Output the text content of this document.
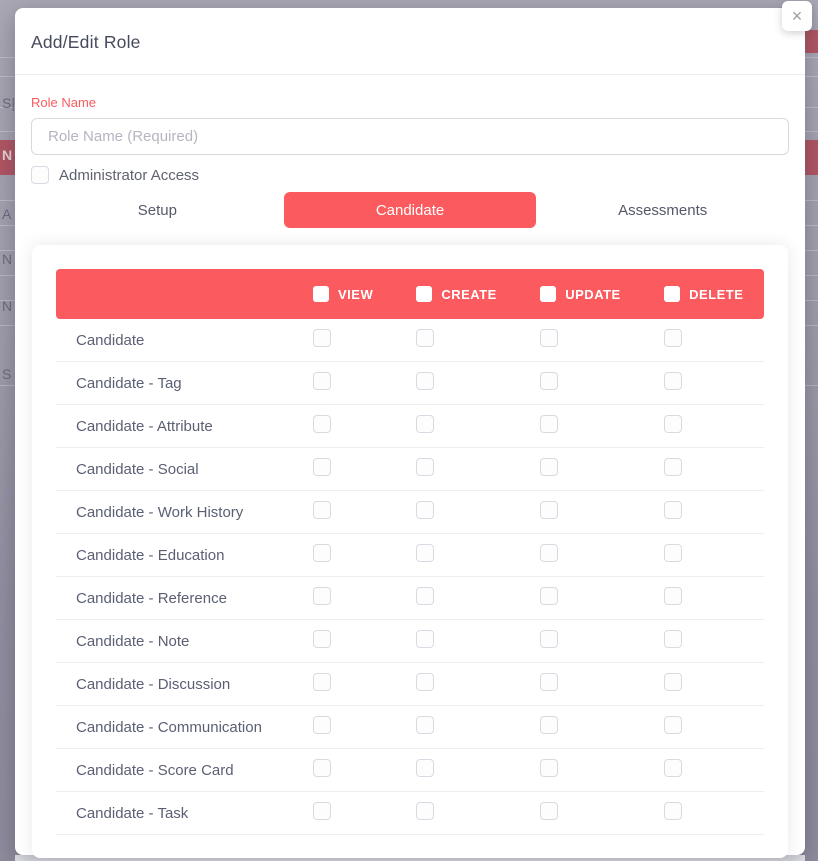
S|
N
A
N
N
S
×
Add/Edit Role
Role Name
Role Name (Required)
Administrator Access
Setup	Candidate	Assessments
VIEW	CREATE	UPDATE	DELETE
Candidate
Candidate - Tag
Candidate - Attribute
Candidate - Social
Candidate - Work History
Candidate - Education
Candidate - Reference
Candidate - Note
Candidate - Discussion
Candidate - Communication
Candidate - Score Card
Candidate - Task
